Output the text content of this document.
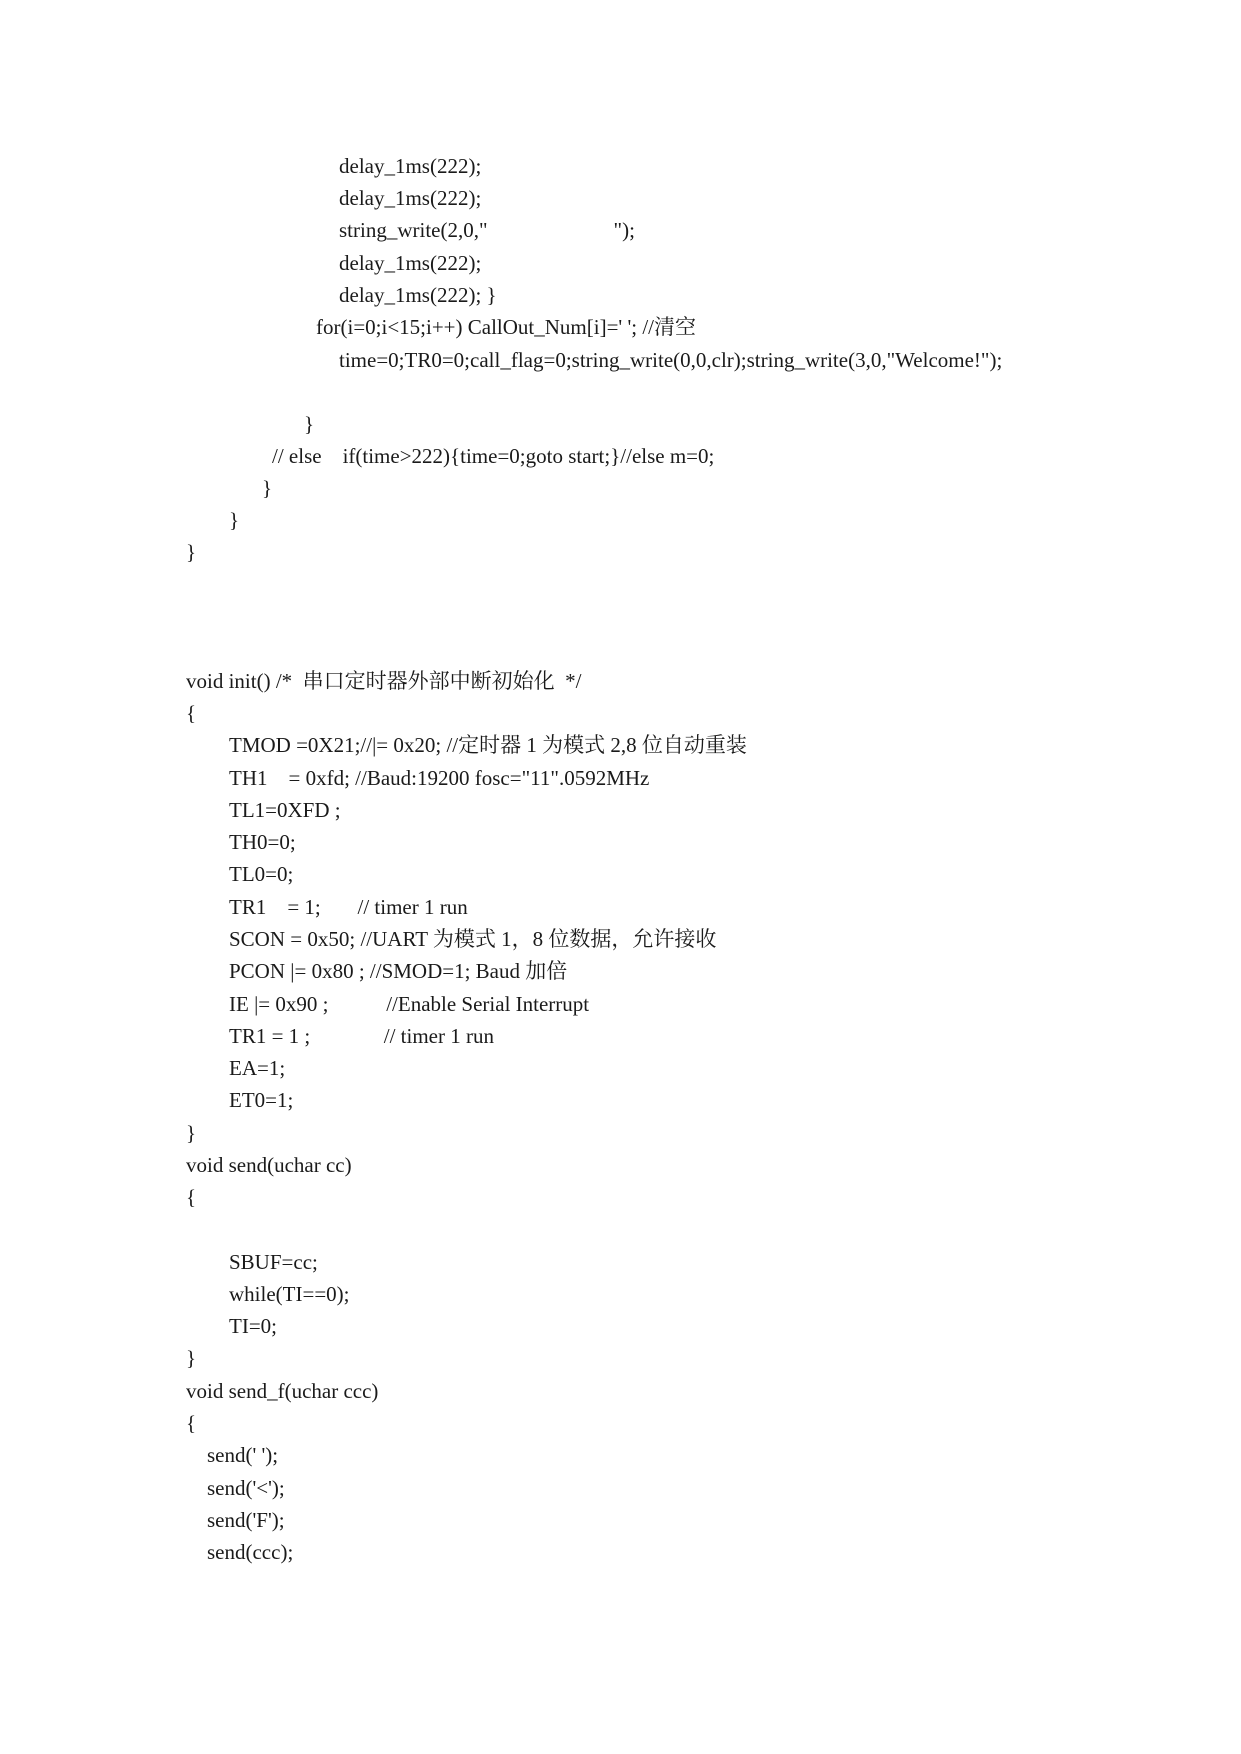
delay_1ms(222);
delay_1ms(222);
string_write(2,0,"                        ");
delay_1ms(222);
delay_1ms(222); }
for(i=0;i<15;i++) CallOut_Num[i]=' '; //清空
time=0;TR0=0;call_flag=0;string_write(0,0,clr);string_write(3,0,"Welcome!");
}
// else    if(time>222){time=0;goto start;}//else m=0;
}
}
}
void init() /*  串口定时器外部中断初始化  */
{
TMOD =0X21;//|= 0x20; //定时器 1 为模式 2,8 位自动重装
TH1    = 0xfd; //Baud:19200 fosc="11".0592MHz
TL1=0XFD ;
TH0=0;
TL0=0;
TR1    = 1;       // timer 1 run
SCON = 0x50; //UART 为模式 1，8 位数据，允许接收
PCON |= 0x80 ; //SMOD=1; Baud 加倍
IE |= 0x90 ;           //Enable Serial Interrupt
TR1 = 1 ;              // timer 1 run
EA=1;
ET0=1;
}
void send(uchar cc)
{
SBUF=cc;
while(TI==0);
TI=0;
}
void send_f(uchar ccc)
{
send(' ');
send('<');
send('F');
send(ccc);
